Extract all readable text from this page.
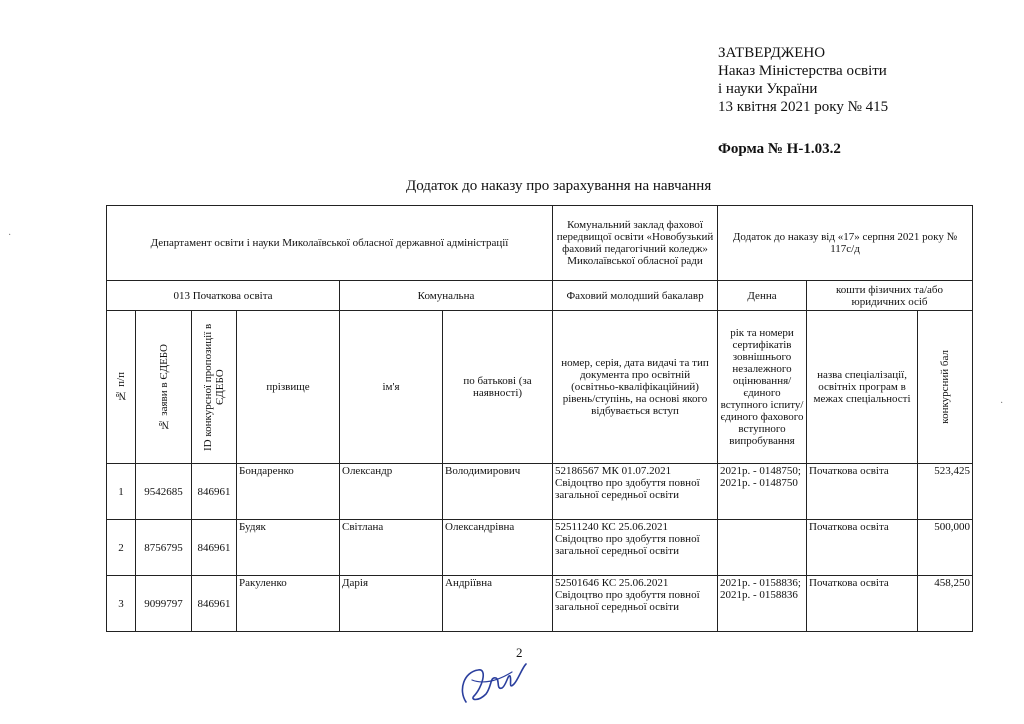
ЗАТВЕРДЖЕНО
Наказ Міністерства освіти
і науки України
13 квітня 2021 року № 415
Форма № Н-1.03.2
Додаток до наказу про зарахування на навчання
Департамент освіти і науки Миколаївської обласної державної адміністрації						Комунальний заклад фахової передвищої освіти «Новобузький фаховий педагогічний коледж» Миколаївської обласної ради	Додаток до наказу від «17» серпня 2021 року № 117с/д		
013 Початкова освіта				Комунальна		Фаховий молодший бакалавр	Денна	кошти фізичних та/або юридичних осіб	

№ п/п	№ заяви в ЄДЕБО	ID конкурсної пропозиції в ЄДЕБО	прізвище	ім'я	по батькові (за наявності)	номер, серія, дата видачі та тип документа про освітній (освітньо-кваліфікаційний) рівень/ступінь, на основі якого відбувається вступ	рік та номери сертифікатів зовнішнього незалежного оцінювання/ єдиного вступного іспиту/ єдиного фахового вступного випробування	назва спеціалізації, освітніх програм в межах спеціальності	конкурсний бал

1	9542685	846961	Бондаренко	Олександр	Володимирович	52186567 МК 01.07.2021 Свідоцтво про здобуття повної загальної середньої освіти	2021р. - 0148750; 2021р. - 0148750	Початкова освіта	523,425
2	8756795	846961	Будяк	Світлана	Олександрівна	52511240 КС 25.06.2021 Свідоцтво про здобуття повної загальної середньої освіти		Початкова освіта	500,000
3	9099797	846961	Ракуленко	Дарія	Андріївна	52501646 КС 25.06.2021 Свідоцтво про здобуття повної загальної середньої освіти	2021р. - 0158836; 2021р. - 0158836	Початкова освіта	458,250
2
·
·
